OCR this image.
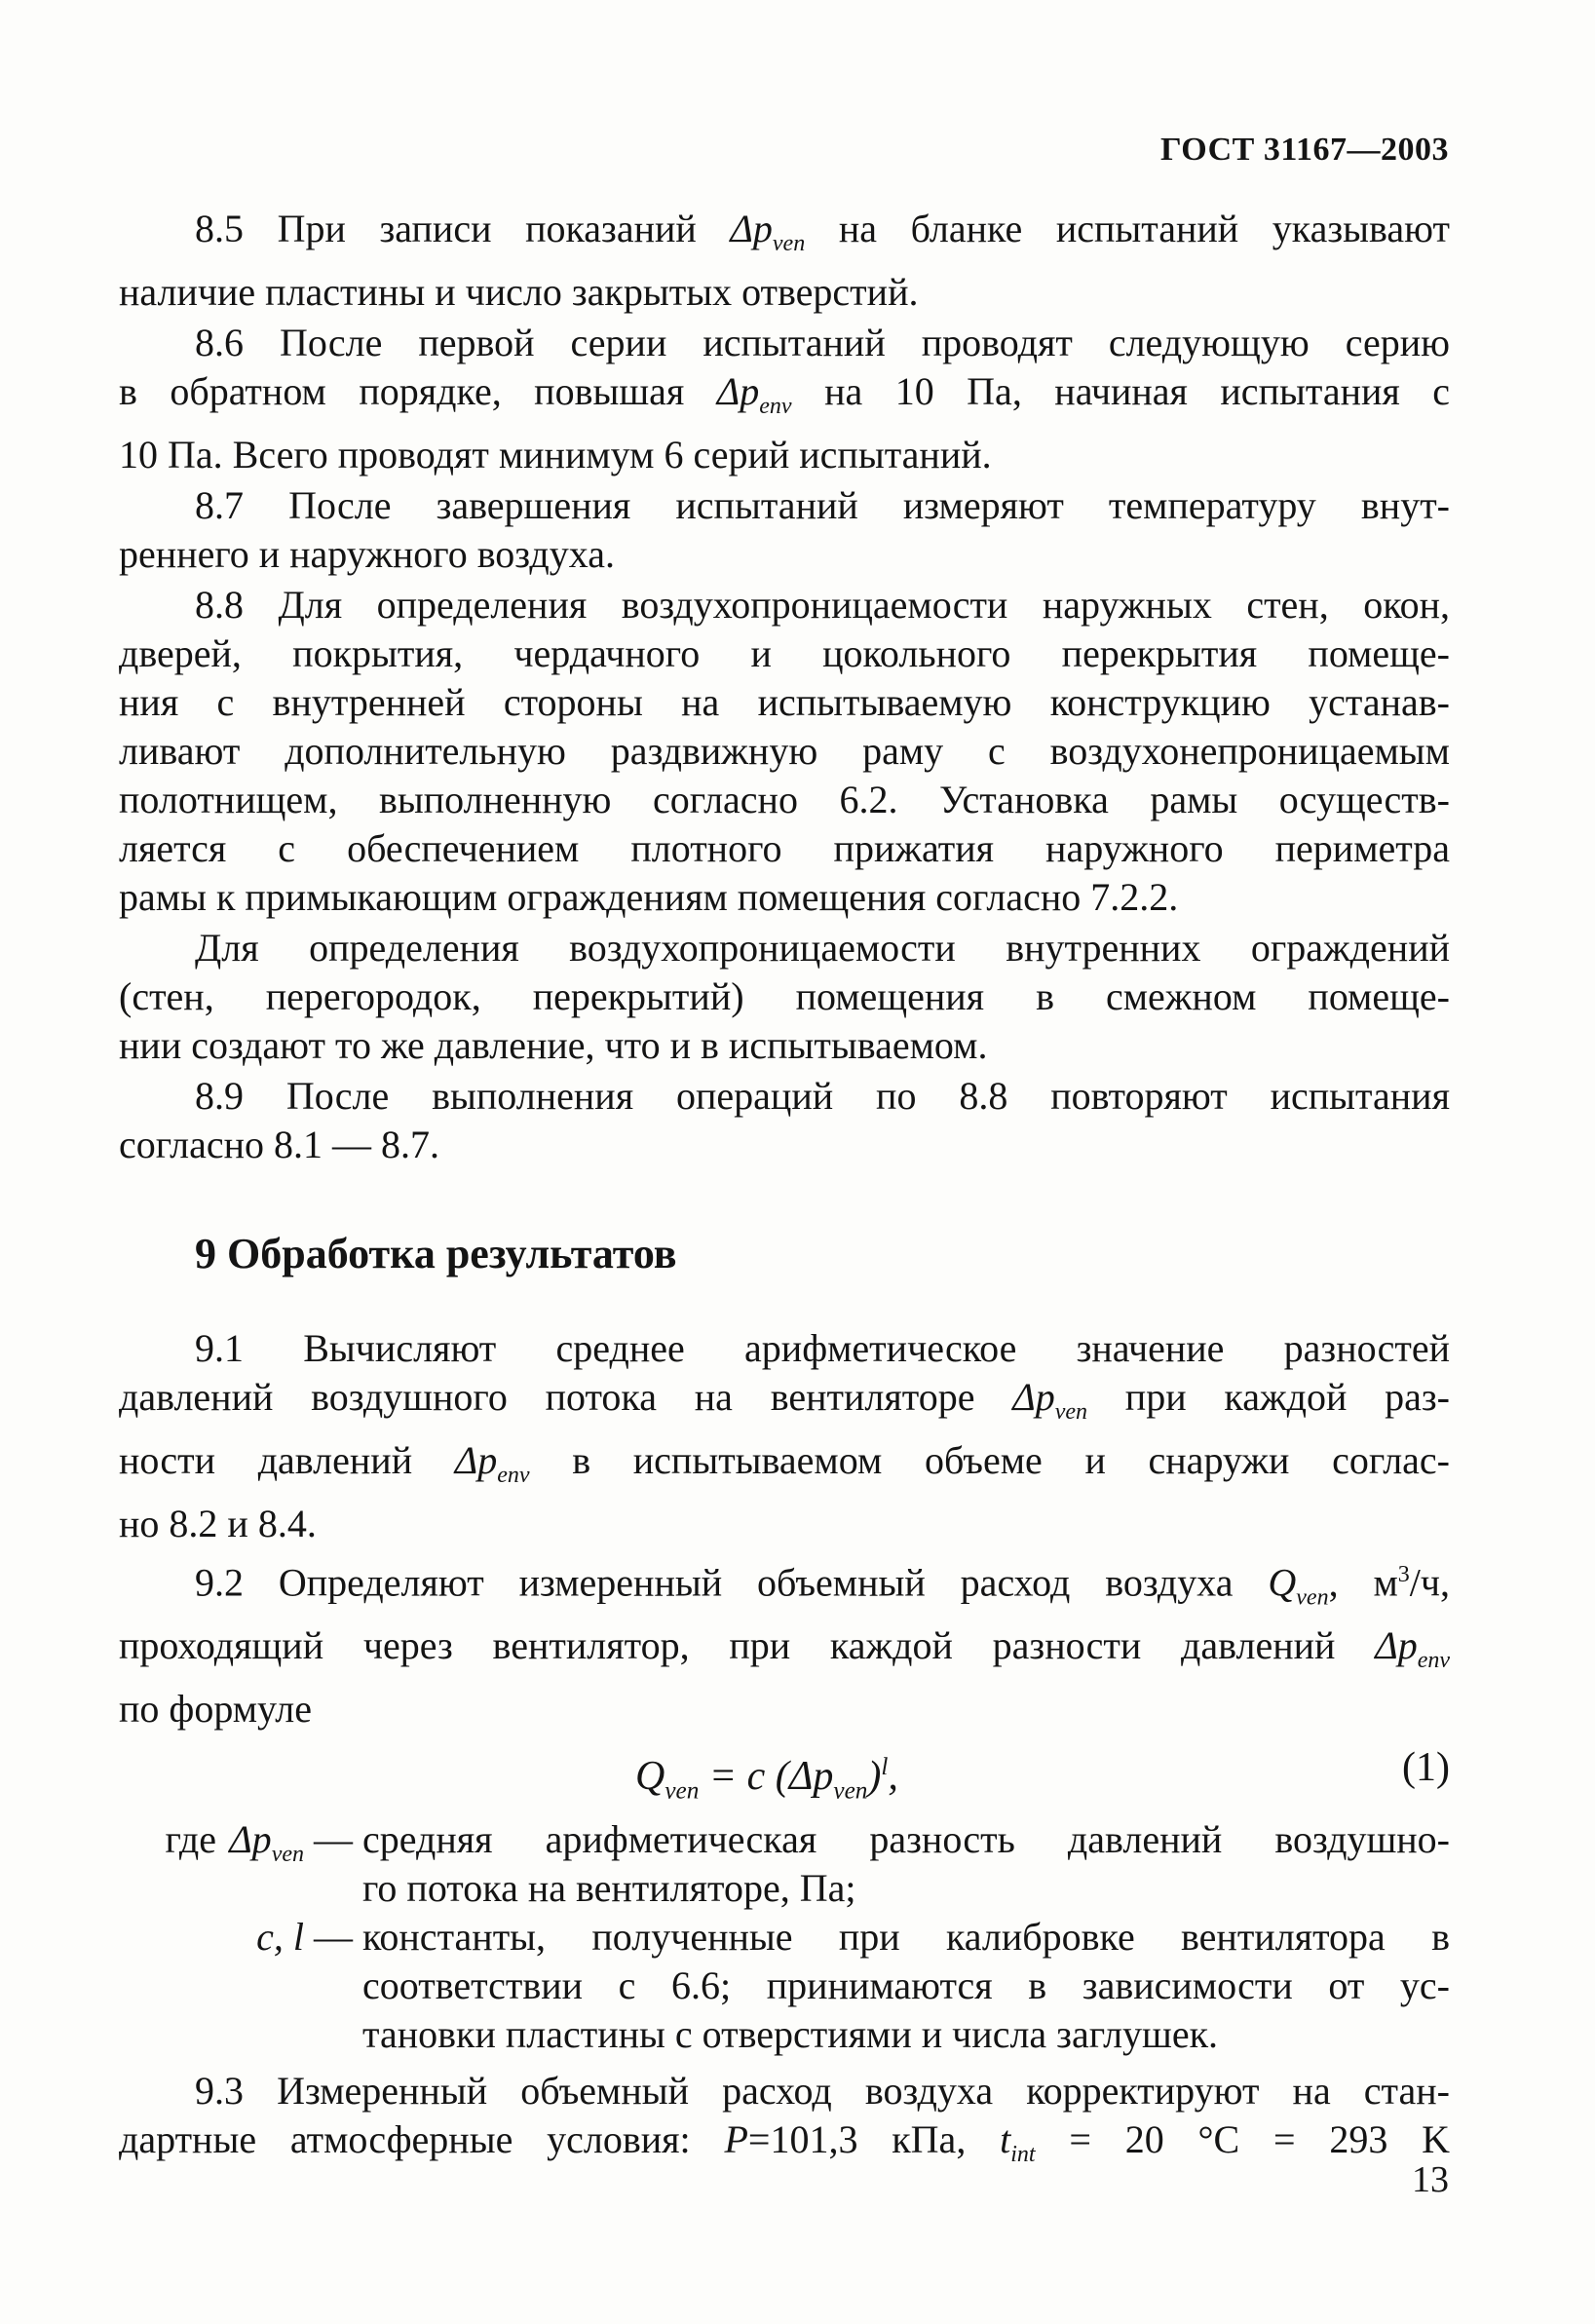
ГОСТ 31167—2003
8.5 При записи показаний $\Delta p_{ven}$ на бланке испытаний указывают
наличие пластины и число закрытых отверстий.
8.6 После первой серии испытаний проводят следующую серию
в обратном порядке, повышая $\Delta p_{env}$ на 10 Па, начиная испытания с
10 Па. Всего проводят минимум 6 серий испытаний.
8.7 После завершения испытаний измеряют температуру внут-
реннего и наружного воздуха.
8.8 Для определения воздухопроницаемости наружных стен, окон,
дверей, покрытия, чердачного и цокольного перекрытия помеще-
ния с внутренней стороны на испытываемую конструкцию устанав-
ливают дополнительную раздвижную раму с воздухонепроницаемым
полотнищем, выполненную согласно 6.2. Установка рамы осуществ-
ляется с обеспечением плотного прижатия наружного периметра
рамы к примыкающим ограждениям помещения согласно 7.2.2.
Для определения воздухопроницаемости внутренних ограждений
(стен, перегородок, перекрытий) помещения в смежном помеще-
нии создают то же давление, что и в испытываемом.
8.9 После выполнения операций по 8.8 повторяют испытания
согласно 8.1 — 8.7.
9 Обработка результатов
9.1 Вычисляют среднее арифметическое значение разностей
давлений воздушного потока на вентиляторе $\Delta p_{ven}$ при каждой раз-
ности давлений $\Delta p_{env}$ в испытываемом объеме и снаружи соглас-
но 8.2 и 8.4.
9.2 Определяют измеренный объемный расход воздуха $Q_{ven}$, $м^3/ч$,
проходящий через вентилятор, при каждой разности давлений $\Delta p_{env}$
по формуле
$Q_{ven} = c$ $(\Delta p_{ven})^l$,	(1)
где $\Delta p_{ven}$ — средняя арифметическая разность давлений воздушно-
го потока на вентиляторе, Па;
c, l — константы, полученные при калибровке вентилятора в
соответствии с 6.6; принимаются в зависимости от ус-
тановки пластины с отверстиями и числа заглушек.
9.3 Измеренный объемный расход воздуха корректируют на стан-
дартные атмосферные условия: P=101,3 кПа, $t_{int} = 20$ °C = 293 K
13
